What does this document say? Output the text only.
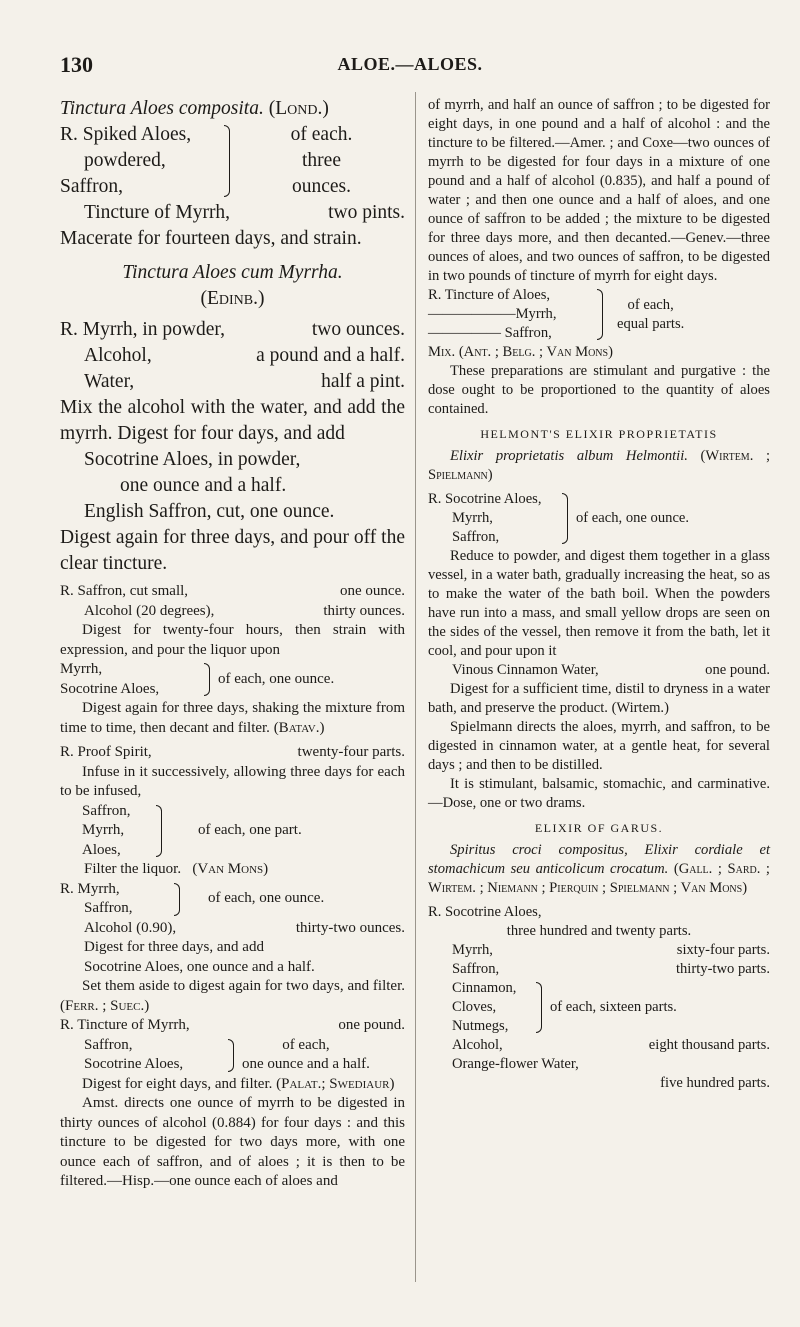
130	ALOE.—ALOES.

Tinctura Aloes composita. (Lond.)

R. Spiked Aloes,
powdered,
Saffron,
of each.
three
ounces.
Tincture of Myrrh,	two pints.

Macerate for fourteen days, and strain.

Tinctura Aloes cum Myrrha.

(Edinb.)

R. Myrrh, in powder,	two ounces.
Alcohol,	a pound and a half.
Water,	half a pint.

Mix the alcohol with the water, and add the myrrh. Digest for four days, and add

Socotrine Aloes, in powder,

one ounce and a half.

English Saffron, cut, one ounce.

Digest again for three days, and pour off the clear tincture.

R. Saffron, cut small,	one ounce.
Alcohol (20 degrees),	thirty ounces.

Digest for twenty-four hours, then strain with expression, and pour the liquor upon

Myrrh,
Socotrine Aloes,
of each, one ounce.

Digest again for three days, shaking the mixture from time to time, then decant and filter. (Batav.)

R. Proof Spirit,	twenty-four parts.

Infuse in it successively, allowing three days for each to be infused,

Saffron,
Myrrh,
Aloes,
of each, one part.

Filter the liquor. (Van Mons)

R. Myrrh,
Saffron,
of each, one ounce.
Alcohol (0.90),	thirty-two ounces.

Digest for three days, and add

Socotrine Aloes, one ounce and a half.

Set them aside to digest again for two days, and filter. (Ferr. ; Suec.)

R. Tincture of Myrrh,	one pound.
Saffron,
Socotrine Aloes,
of each,
one ounce and a half.

Digest for eight days, and filter. (Palat.; Swediaur)

Amst. directs one ounce of myrrh to be digested in thirty ounces of alcohol (0.884) for four days : and this tincture to be digested for two days more, with one ounce each of saffron, and of aloes ; it is then to be filtered.—Hisp.—one ounce each of aloes and

of myrrh, and half an ounce of saffron ; to be digested for eight days, in one pound and a half of alcohol : and the tincture to be filtered.—Amer. ; and Coxe—two ounces of myrrh to be digested for four days in a mixture of one pound and a half of alcohol (0.835), and half a pound of water ; and then one ounce and a half of aloes, and one ounce of saffron to be added ; the mixture to be digested for three days more, and then decanted.—Genev.—three ounces of aloes, and two ounces of saffron, to be digested in two pounds of tincture of myrrh for eight days.

R. Tincture of Aloes,
——————Myrrh,
————— Saffron,
of each,
equal parts.

Mix. (Ant. ; Belg. ; Van Mons)

These preparations are stimulant and purgative : the dose ought to be proportioned to the quantity of aloes contained.

HELMONT'S ELIXIR PROPRIETATIS

Elixir proprietatis album Helmontii. (Wirtem. ; Spielmann)

R. Socotrine Aloes,
Myrrh,
Saffron,
of each, one ounce.

Reduce to powder, and digest them together in a glass vessel, in a water bath, gradually increasing the heat, so as to make the water of the bath boil. When the powders have run into a mass, and small yellow drops are seen on the sides of the vessel, then remove it from the bath, let it cool, and pour upon it

Vinous Cinnamon Water,	one pound.

Digest for a sufficient time, distil to dryness in a water bath, and preserve the product. (Wirtem.)

Spielmann directs the aloes, myrrh, and saffron, to be digested in cinnamon water, at a gentle heat, for several days ; and then to be distilled.

It is stimulant, balsamic, stomachic, and carminative.—Dose, one or two drams.

ELIXIR OF GARUS.

Spiritus croci compositus, Elixir cordiale et stomachicum seu anticolicum crocatum. (Gall. ; Sard. ; Wirtem. ; Niemann ; Pierquin ; Spielmann ; Van Mons)

R. Socotrine Aloes,

three hundred and twenty parts.

Myrrh,	sixty-four parts.
Saffron,	thirty-two parts.
Cinnamon,
Cloves,
Nutmegs,
of each, sixteen parts.
Alcohol,	eight thousand parts.

Orange-flower Water,

five hundred parts.
